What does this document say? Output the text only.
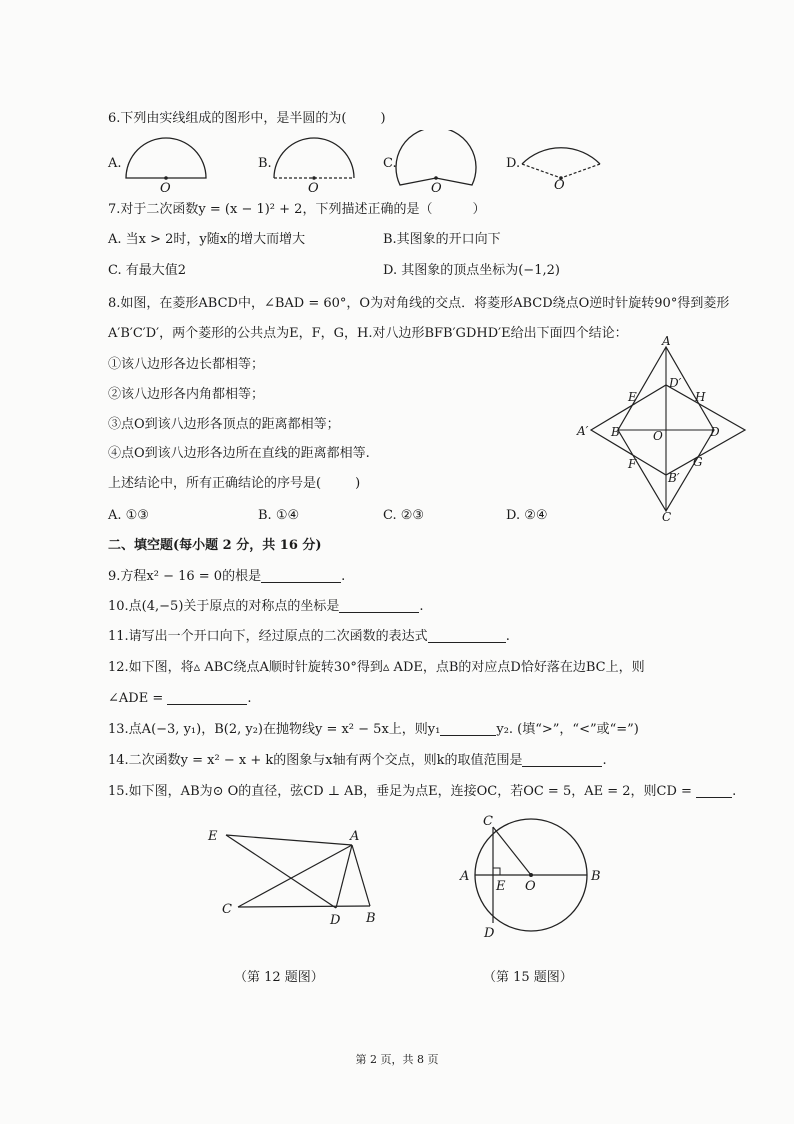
6.下列由实线组成的图形中，是半圆的为(	)
A.	B.	C.	D.
O	O	O	O
7.对于二次函数y = (x − 1)² + 2，下列描述正确的是（	）
A. 当x > 2时，y随x的增大而增大	B.其图象的开口向下
C. 有最大值2	D. 其图象的顶点坐标为(−1,2)
8.如图，在菱形ABCD中，∠BAD = 60°，O为对角线的交点．将菱形ABCD绕点O逆时针旋转90°得到菱形
A′B′C′D′，两个菱形的公共点为E，F，G，H.对八边形BFB′GDHD′E给出下面四个结论：
①该八边形各边长都相等；
②该八边形各内角都相等；
③点O到该八边形各顶点的距离都相等；
④点O到该八边形各边所在直线的距离都相等.
上述结论中，所有正确结论的序号是(	)
A. ①③	B. ①④	C. ②③	D. ②④
A
D′
E	H
A′ B	O	D
F	G
B′
C
二、填空题(每小题 2 分，共 16 分)
9.方程x² − 16 = 0的根是	.
10.点(4,−5)关于原点的对称点的坐标是	.
11.请写出一个开口向下，经过原点的二次函数的表达式	.
12.如下图，将▵ ABC绕点A顺时针旋转30°得到▵ ADE，点B的对应点D恰好落在边BC上，则
∠ADE =	.
13.点A(−3, y₁)，B(2, y₂)在抛物线y = x² − 5x上，则y₁	y₂. (填“>”，“<”或“=”)
14.二次函数y = x² − x + k的图象与x轴有两个交点，则k的取值范围是	.
15.如下图，AB为⊙ O的直径，弦CD ⊥ AB，垂足为点E，连接OC，若OC = 5，AE = 2，则CD =	.
E	A
C
D B
（第 12 题图）
C
A
E O
B
D
（第 15 题图）
第 2 页，共 8 页
